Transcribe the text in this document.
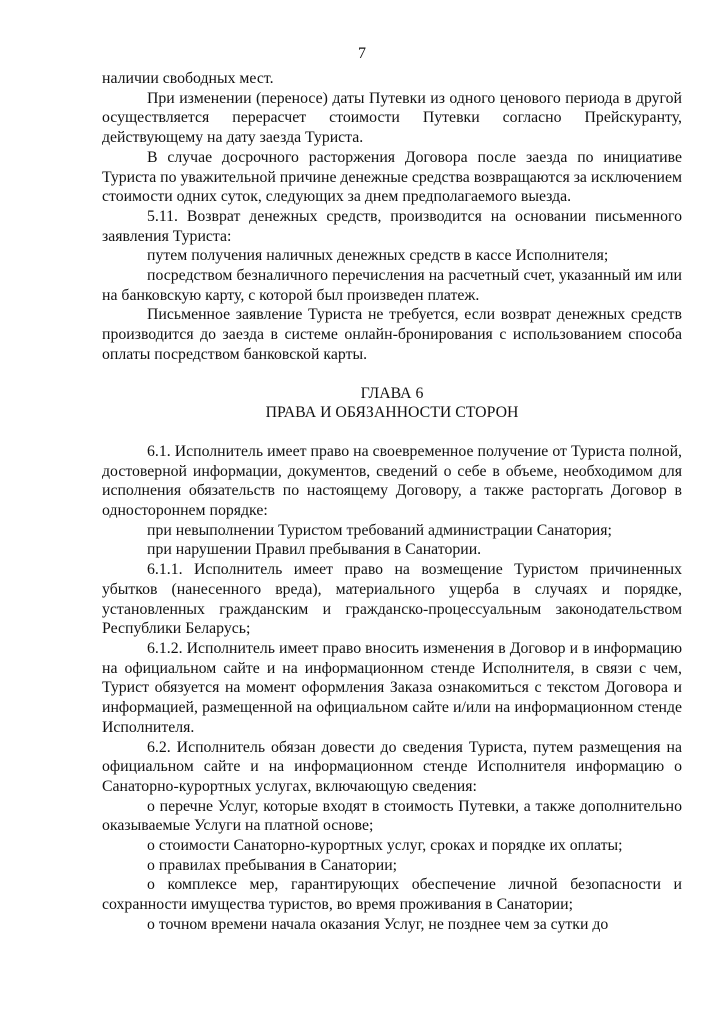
7

наличии свободных мест.

При изменении (переносе) даты Путевки из одного ценового периода в другой осуществляется перерасчет стоимости Путевки согласно Прейскуранту, действующему на дату заезда Туриста.

В случае досрочного расторжения Договора после заезда по инициативе Туриста по уважительной причине денежные средства возвращаются за исключением стоимости одних суток, следующих за днем предполагаемого выезда.

5.11. Возврат денежных средств, производится на основании письменного заявления Туриста:

путем получения наличных денежных средств в кассе Исполнителя;

посредством безналичного перечисления на расчетный счет, указанный им или на банковскую карту, с которой был произведен платеж.

Письменное заявление Туриста не требуется, если возврат денежных средств производится до заезда в системе онлайн-бронирования с использованием способа оплаты посредством банковской карты.

ГЛАВА 6
ПРАВА И ОБЯЗАННОСТИ СТОРОН

6.1. Исполнитель имеет право на своевременное получение от Туриста полной, достоверной информации, документов, сведений о себе в объеме, необходимом для исполнения обязательств по настоящему Договору, а также расторгать Договор в одностороннем порядке:

при невыполнении Туристом требований администрации Санатория;

при нарушении Правил пребывания в Санатории.

6.1.1. Исполнитель имеет право на возмещение Туристом причиненных убытков (нанесенного вреда), материального ущерба в случаях и порядке, установленных гражданским и гражданско-процессуальным законодательством Республики Беларусь;

6.1.2. Исполнитель имеет право вносить изменения в Договор и в информацию на официальном сайте и на информационном стенде Исполнителя, в связи с чем, Турист обязуется на момент оформления Заказа ознакомиться с текстом Договора и информацией, размещенной на официальном сайте и/или на информационном стенде Исполнителя.

6.2. Исполнитель обязан довести до сведения Туриста, путем размещения на официальном сайте и на информационном стенде Исполнителя информацию о Санаторно-курортных услугах, включающую сведения:

о перечне Услуг, которые входят в стоимость Путевки, а также дополнительно оказываемые Услуги на платной основе;

о стоимости Санаторно-курортных услуг, сроках и порядке их оплаты;

о правилах пребывания в Санатории;

о комплексе мер, гарантирующих обеспечение личной безопасности и сохранности имущества туристов, во время проживания в Санатории;

о точном времени начала оказания Услуг, не позднее чем за сутки до
